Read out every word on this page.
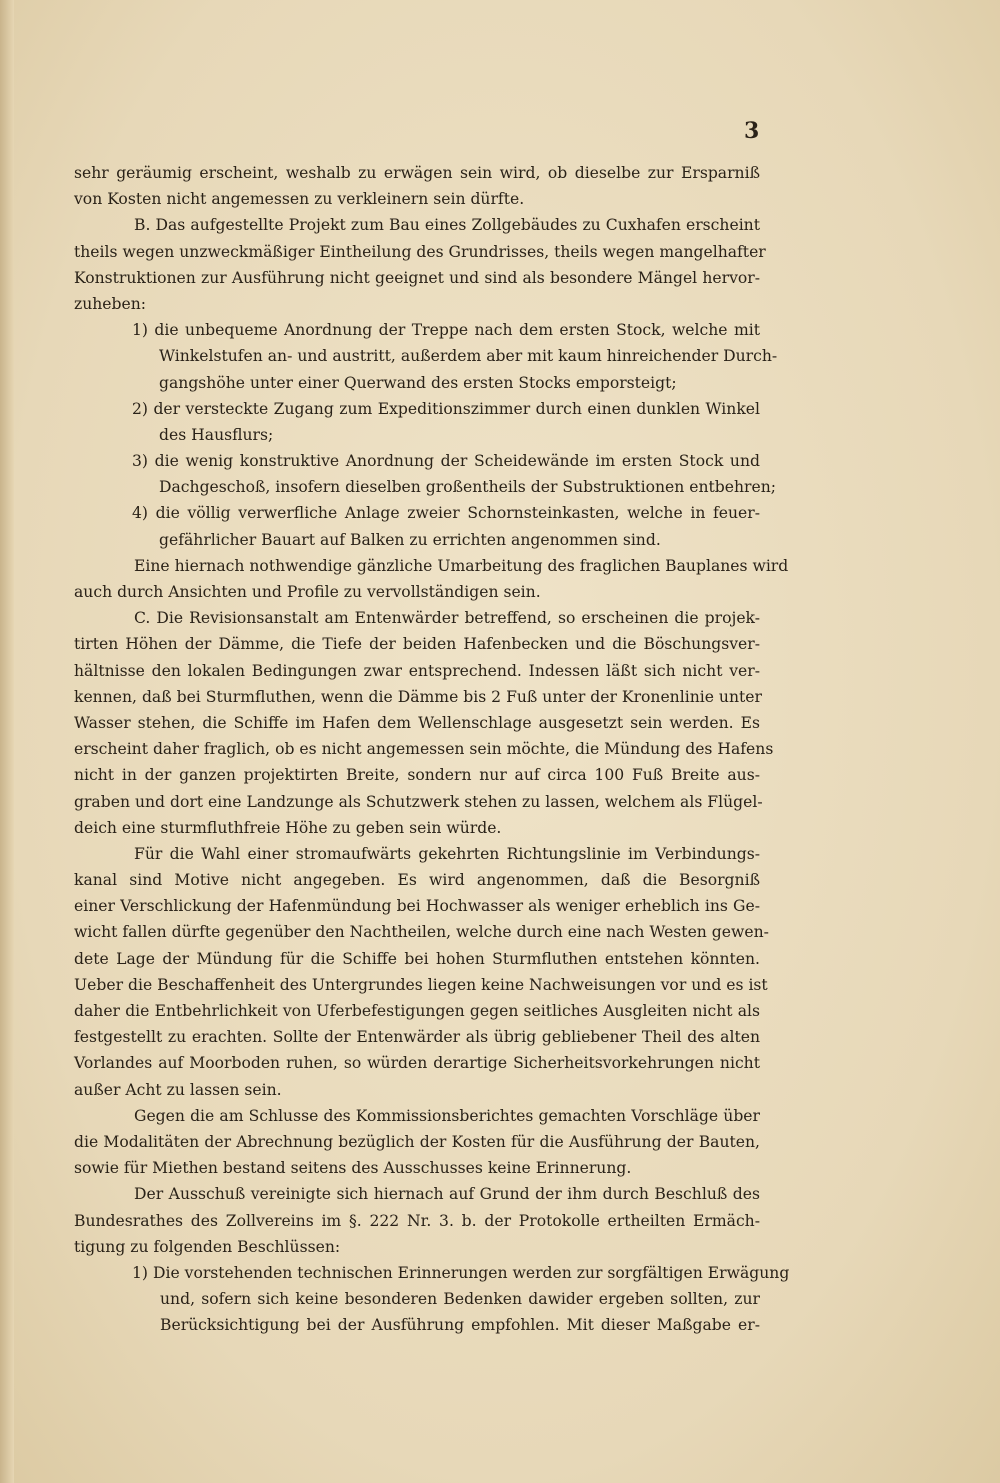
3
sehr geräumig erscheint, weshalb zu erwägen sein wird, ob dieselbe zur Ersparniß
von Kosten nicht angemessen zu verkleinern sein dürfte.
B. Das aufgestellte Projekt zum Bau eines Zollgebäudes zu Cuxhafen erscheint
theils wegen unzweckmäßiger Eintheilung des Grundrisses, theils wegen mangelhafter
Konstruktionen zur Ausführung nicht geeignet und sind als besondere Mängel hervor-
zuheben:
1) die unbequeme Anordnung der Treppe nach dem ersten Stock, welche mit
Winkelstufen an- und austritt, außerdem aber mit kaum hinreichender Durch-
gangshöhe unter einer Querwand des ersten Stocks emporsteigt;
2) der versteckte Zugang zum Expeditionszimmer durch einen dunklen Winkel
des Hausflurs;
3) die wenig konstruktive Anordnung der Scheidewände im ersten Stock und
Dachgeschoß, insofern dieselben großentheils der Substruktionen entbehren;
4) die völlig verwerfliche Anlage zweier Schornsteinkasten, welche in feuer-
gefährlicher Bauart auf Balken zu errichten angenommen sind.
Eine hiernach nothwendige gänzliche Umarbeitung des fraglichen Bauplanes wird
auch durch Ansichten und Profile zu vervollständigen sein.
C. Die Revisionsanstalt am Entenwärder betreffend, so erscheinen die projek-
tirten Höhen der Dämme, die Tiefe der beiden Hafenbecken und die Böschungsver-
hältnisse den lokalen Bedingungen zwar entsprechend. Indessen läßt sich nicht ver-
kennen, daß bei Sturmfluthen, wenn die Dämme bis 2 Fuß unter der Kronenlinie unter
Wasser stehen, die Schiffe im Hafen dem Wellenschlage ausgesetzt sein werden. Es
erscheint daher fraglich, ob es nicht angemessen sein möchte, die Mündung des Hafens
nicht in der ganzen projektirten Breite, sondern nur auf circa 100 Fuß Breite aus-
graben und dort eine Landzunge als Schutzwerk stehen zu lassen, welchem als Flügel-
deich eine sturmfluthfreie Höhe zu geben sein würde.
Für die Wahl einer stromaufwärts gekehrten Richtungslinie im Verbindungs-
kanal sind Motive nicht angegeben. Es wird angenommen, daß die Besorgniß
einer Verschlickung der Hafenmündung bei Hochwasser als weniger erheblich ins Ge-
wicht fallen dürfte gegenüber den Nachtheilen, welche durch eine nach Westen gewen-
dete Lage der Mündung für die Schiffe bei hohen Sturmfluthen entstehen könnten.
Ueber die Beschaffenheit des Untergrundes liegen keine Nachweisungen vor und es ist
daher die Entbehrlichkeit von Uferbefestigungen gegen seitliches Ausgleiten nicht als
festgestellt zu erachten. Sollte der Entenwärder als übrig gebliebener Theil des alten
Vorlandes auf Moorboden ruhen, so würden derartige Sicherheitsvorkehrungen nicht
außer Acht zu lassen sein.
Gegen die am Schlusse des Kommissionsberichtes gemachten Vorschläge über
die Modalitäten der Abrechnung bezüglich der Kosten für die Ausführung der Bauten,
sowie für Miethen bestand seitens des Ausschusses keine Erinnerung.
Der Ausschuß vereinigte sich hiernach auf Grund der ihm durch Beschluß des
Bundesrathes des Zollvereins im §. 222 Nr. 3. b. der Protokolle ertheilten Ermäch-
tigung zu folgenden Beschlüssen:
1) Die vorstehenden technischen Erinnerungen werden zur sorgfältigen Erwägung
und, sofern sich keine besonderen Bedenken dawider ergeben sollten, zur
Berücksichtigung bei der Ausführung empfohlen. Mit dieser Maßgabe er-
